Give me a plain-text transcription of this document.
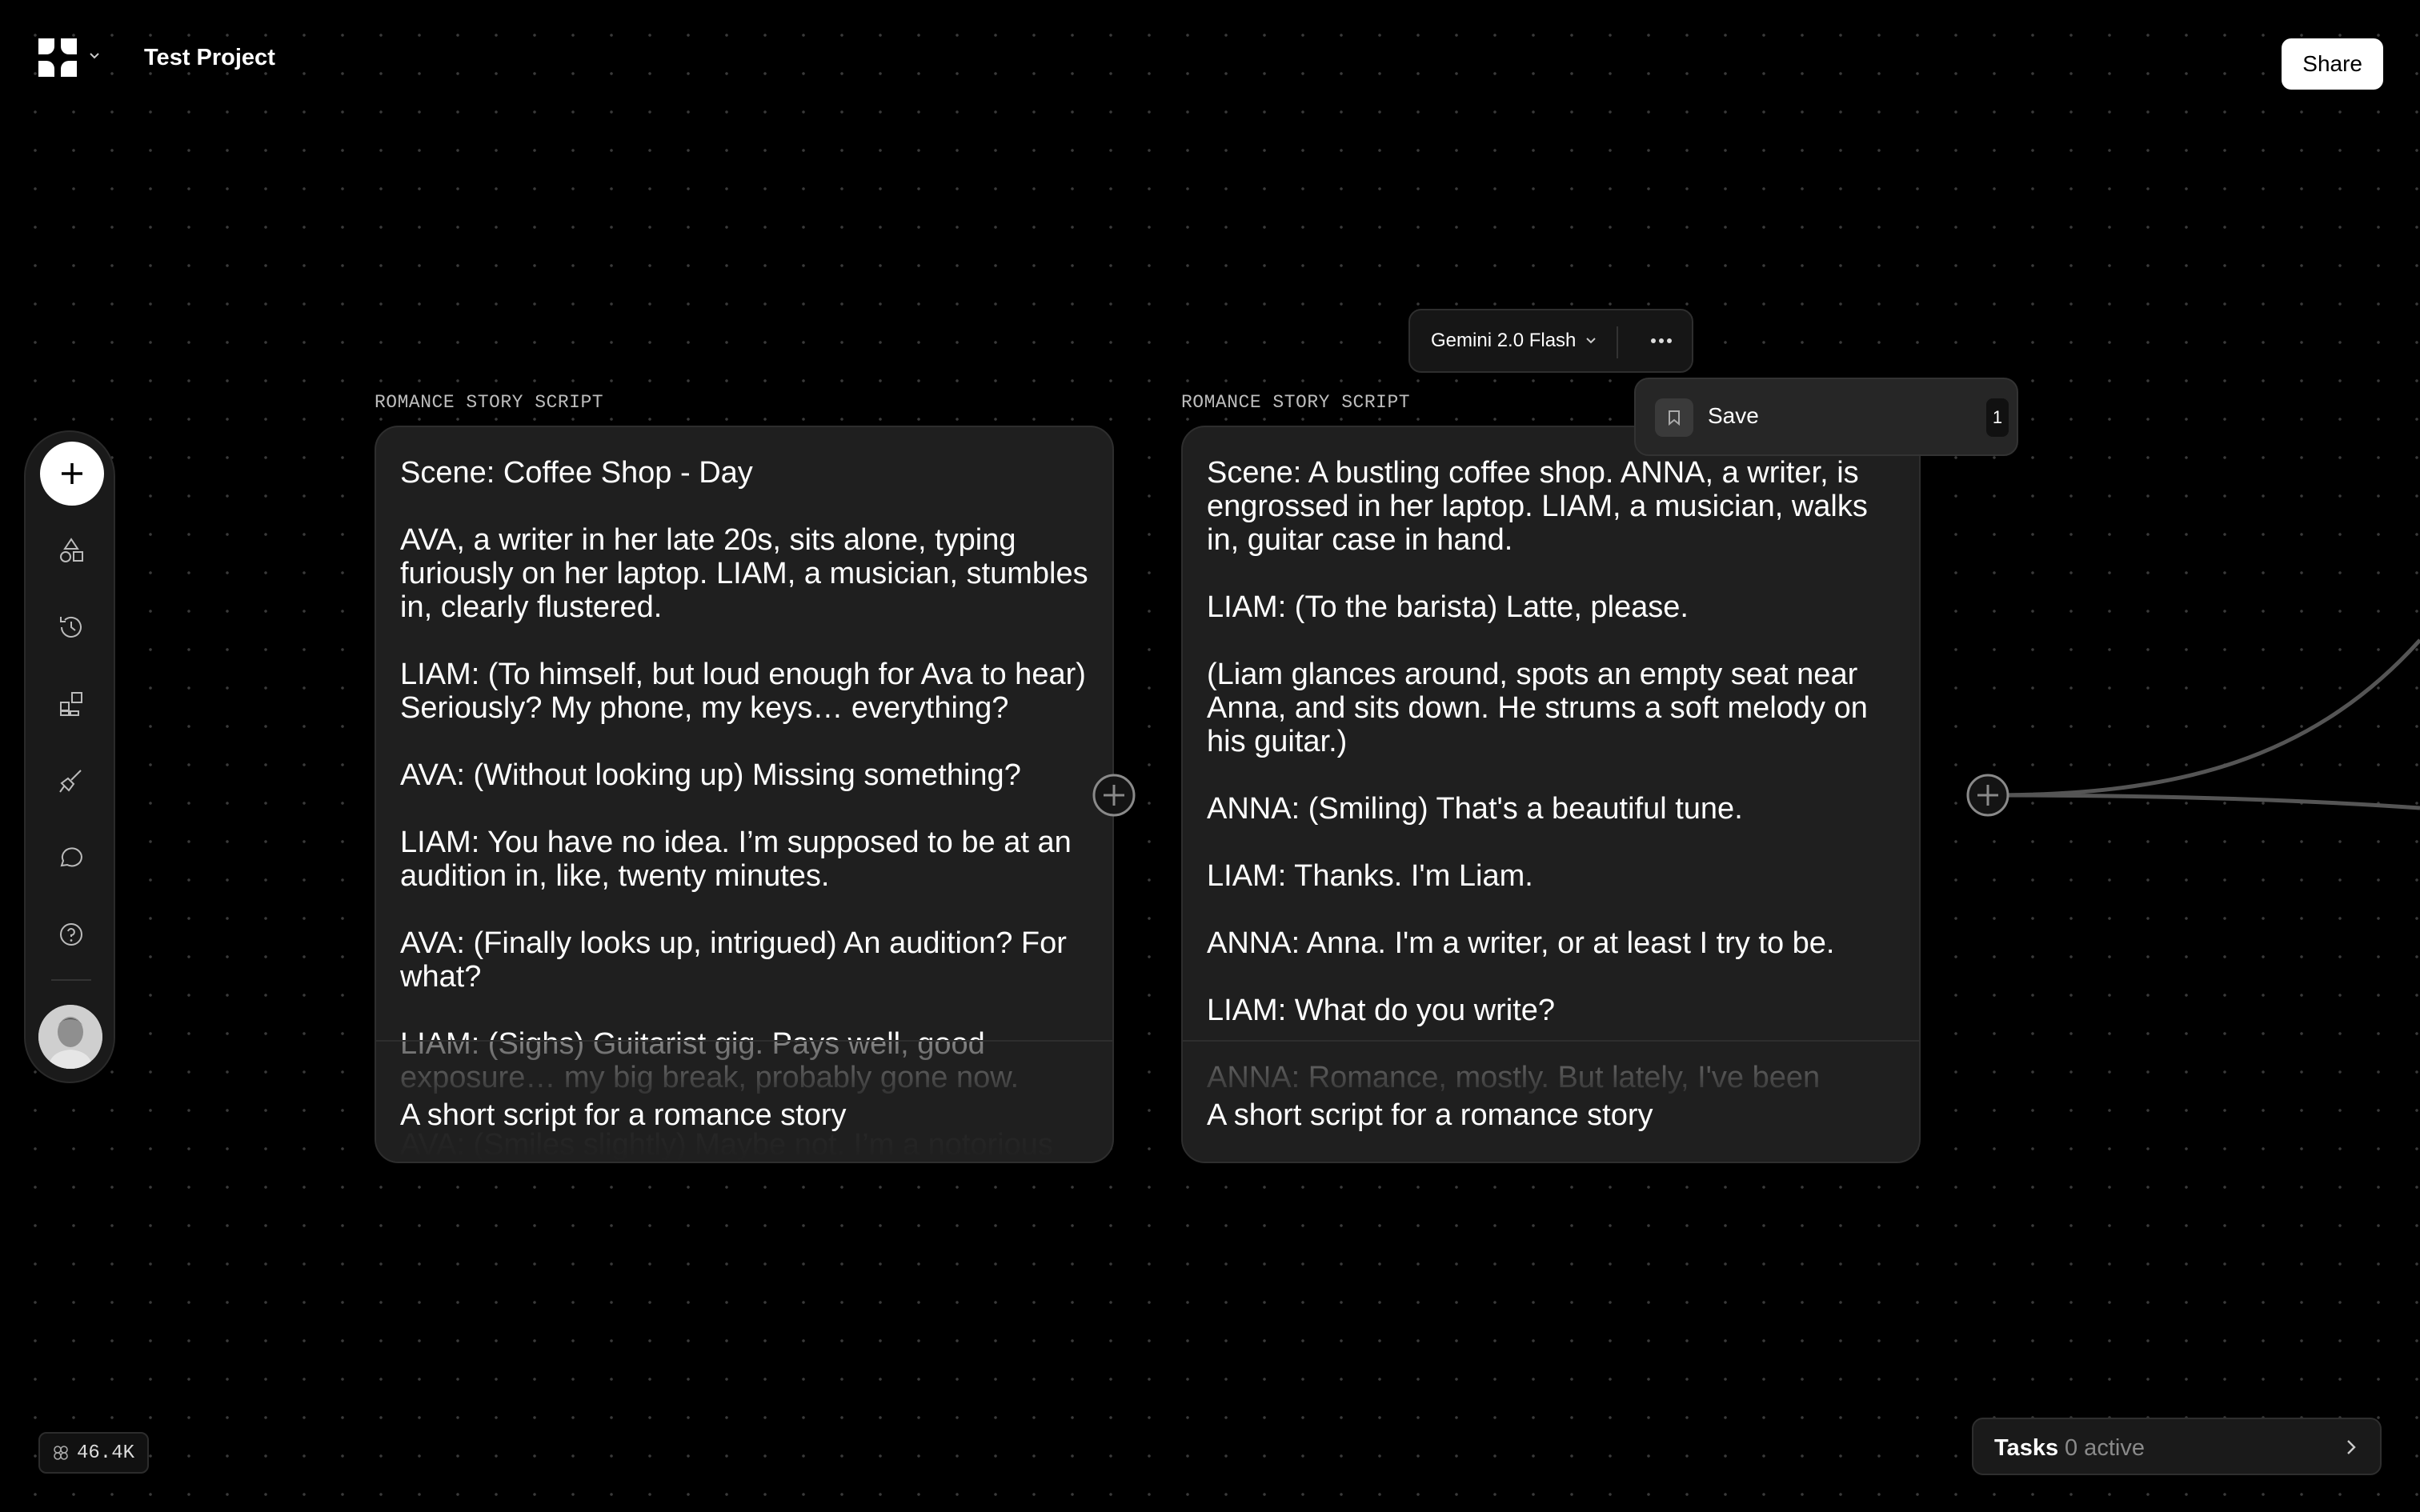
Test Project	Share
ROMANCE STORY SCRIPT
Scene: Coffee Shop - Day

AVA, a writer in her late 20s, sits alone, typing furiously on her laptop. LIAM, a musician, stumbles in, clearly flustered.

LIAM: (To himself, but loud enough for Ava to hear) Seriously? My phone, my keys… everything?

AVA: (Without looking up) Missing something?

LIAM: You have no idea. I’m supposed to be at an audition in, like, twenty minutes.

AVA: (Finally looks up, intrigued) An audition? For what?

A short script for a romance story
ROMANCE STORY SCRIPT
Scene: A bustling coffee shop. ANNA, a writer, is engrossed in her laptop. LIAM, a musician, walks in, guitar case in hand.

LIAM: (To the barista) Latte, please.

(Liam glances around, spots an empty seat near Anna, and sits down. He strums a soft melody on his guitar.)

ANNA: (Smiling) That's a beautiful tune.

LIAM: Thanks. I'm Liam.

ANNA: Anna. I'm a writer, or at least I try to be.

LIAM: What do you write?

A short script for a romance story
Gemini 2.0 Flash
Save	1
46.4K	Tasks 0 active
